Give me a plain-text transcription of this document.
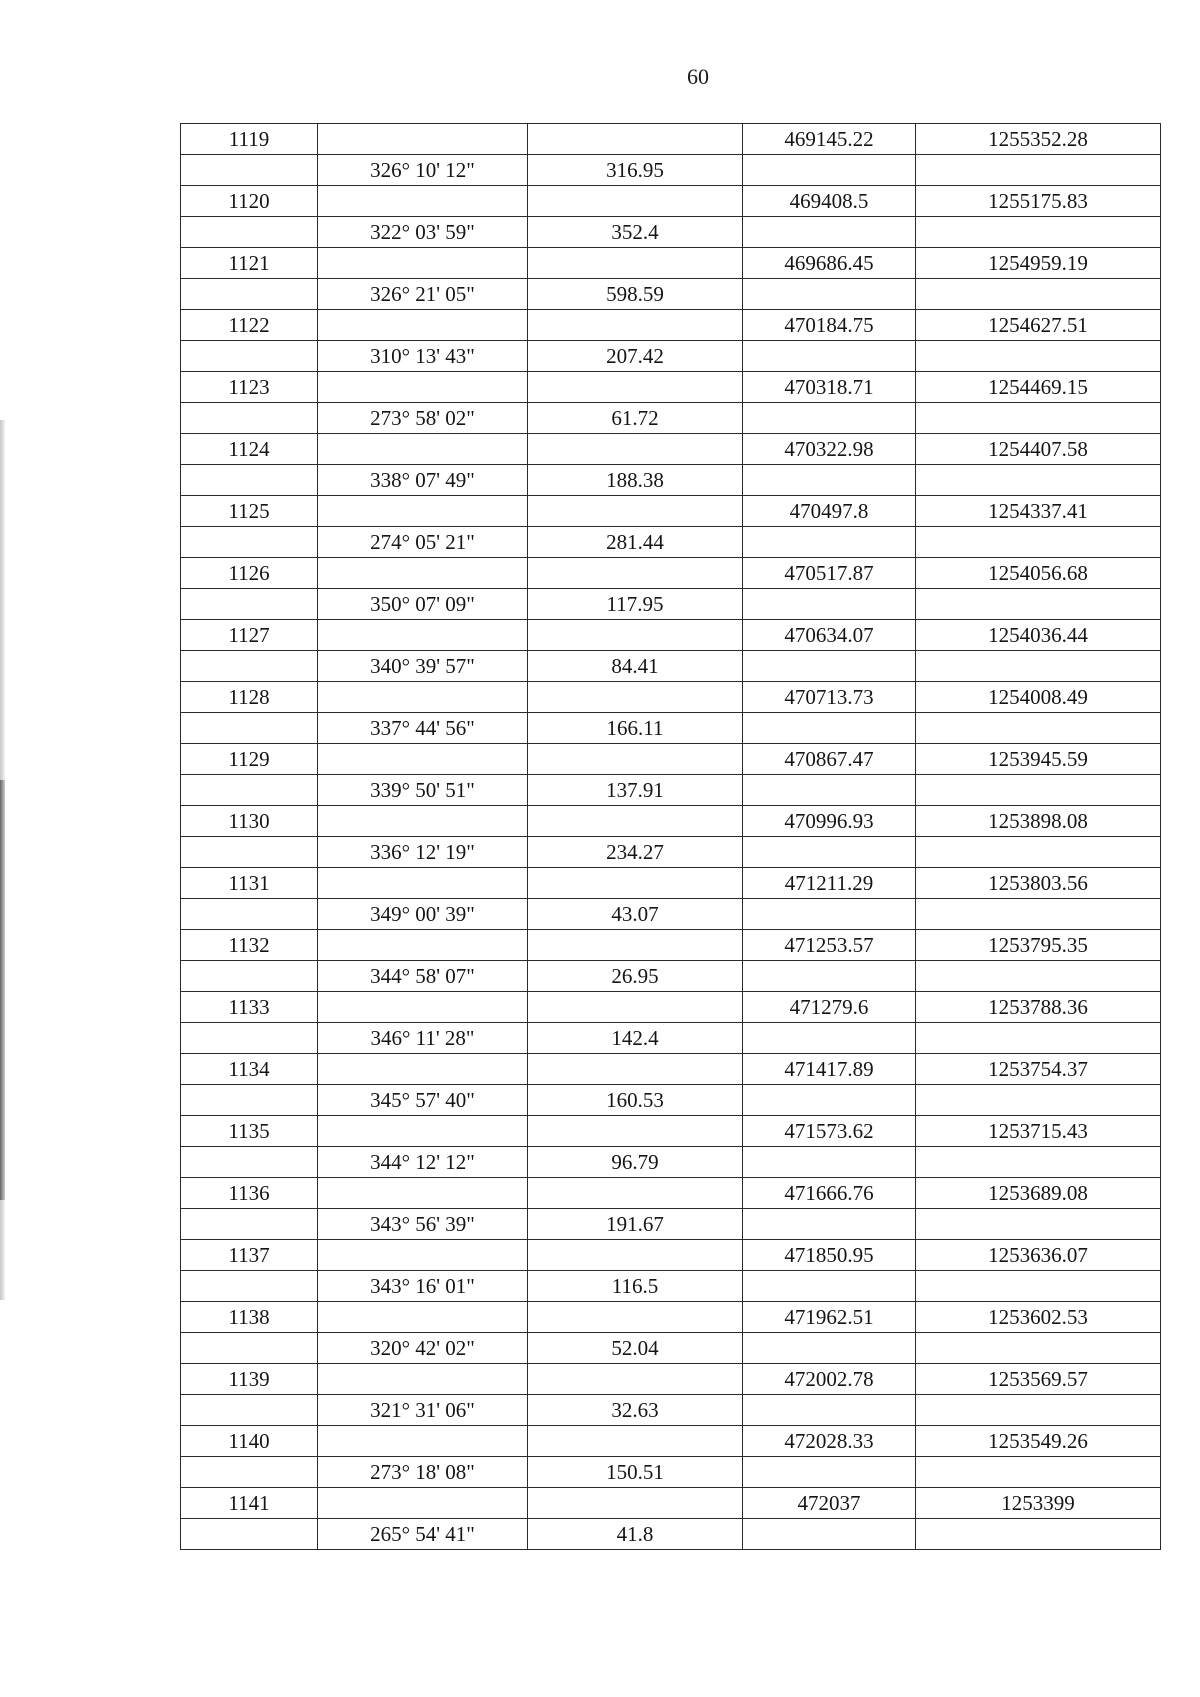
60
1119			469145.22	1255352.28
	326° 10' 12"	316.95		
1120			469408.5	1255175.83
	322° 03' 59"	352.4		
1121			469686.45	1254959.19
	326° 21' 05"	598.59		
1122			470184.75	1254627.51
	310° 13' 43"	207.42		
1123			470318.71	1254469.15
	273° 58' 02"	61.72		
1124			470322.98	1254407.58
	338° 07' 49"	188.38		
1125			470497.8	1254337.41
	274° 05' 21"	281.44		
1126			470517.87	1254056.68
	350° 07' 09"	117.95		
1127			470634.07	1254036.44
	340° 39' 57"	84.41		
1128			470713.73	1254008.49
	337° 44' 56"	166.11		
1129			470867.47	1253945.59
	339° 50' 51"	137.91		
1130			470996.93	1253898.08
	336° 12' 19"	234.27		
1131			471211.29	1253803.56
	349° 00' 39"	43.07		
1132			471253.57	1253795.35
	344° 58' 07"	26.95		
1133			471279.6	1253788.36
	346° 11' 28"	142.4		
1134			471417.89	1253754.37
	345° 57' 40"	160.53		
1135			471573.62	1253715.43
	344° 12' 12"	96.79		
1136			471666.76	1253689.08
	343° 56' 39"	191.67		
1137			471850.95	1253636.07
	343° 16' 01"	116.5		
1138			471962.51	1253602.53
	320° 42' 02"	52.04		
1139			472002.78	1253569.57
	321° 31' 06"	32.63		
1140			472028.33	1253549.26
	273° 18' 08"	150.51		
1141			472037	1253399
	265° 54' 41"	41.8		
